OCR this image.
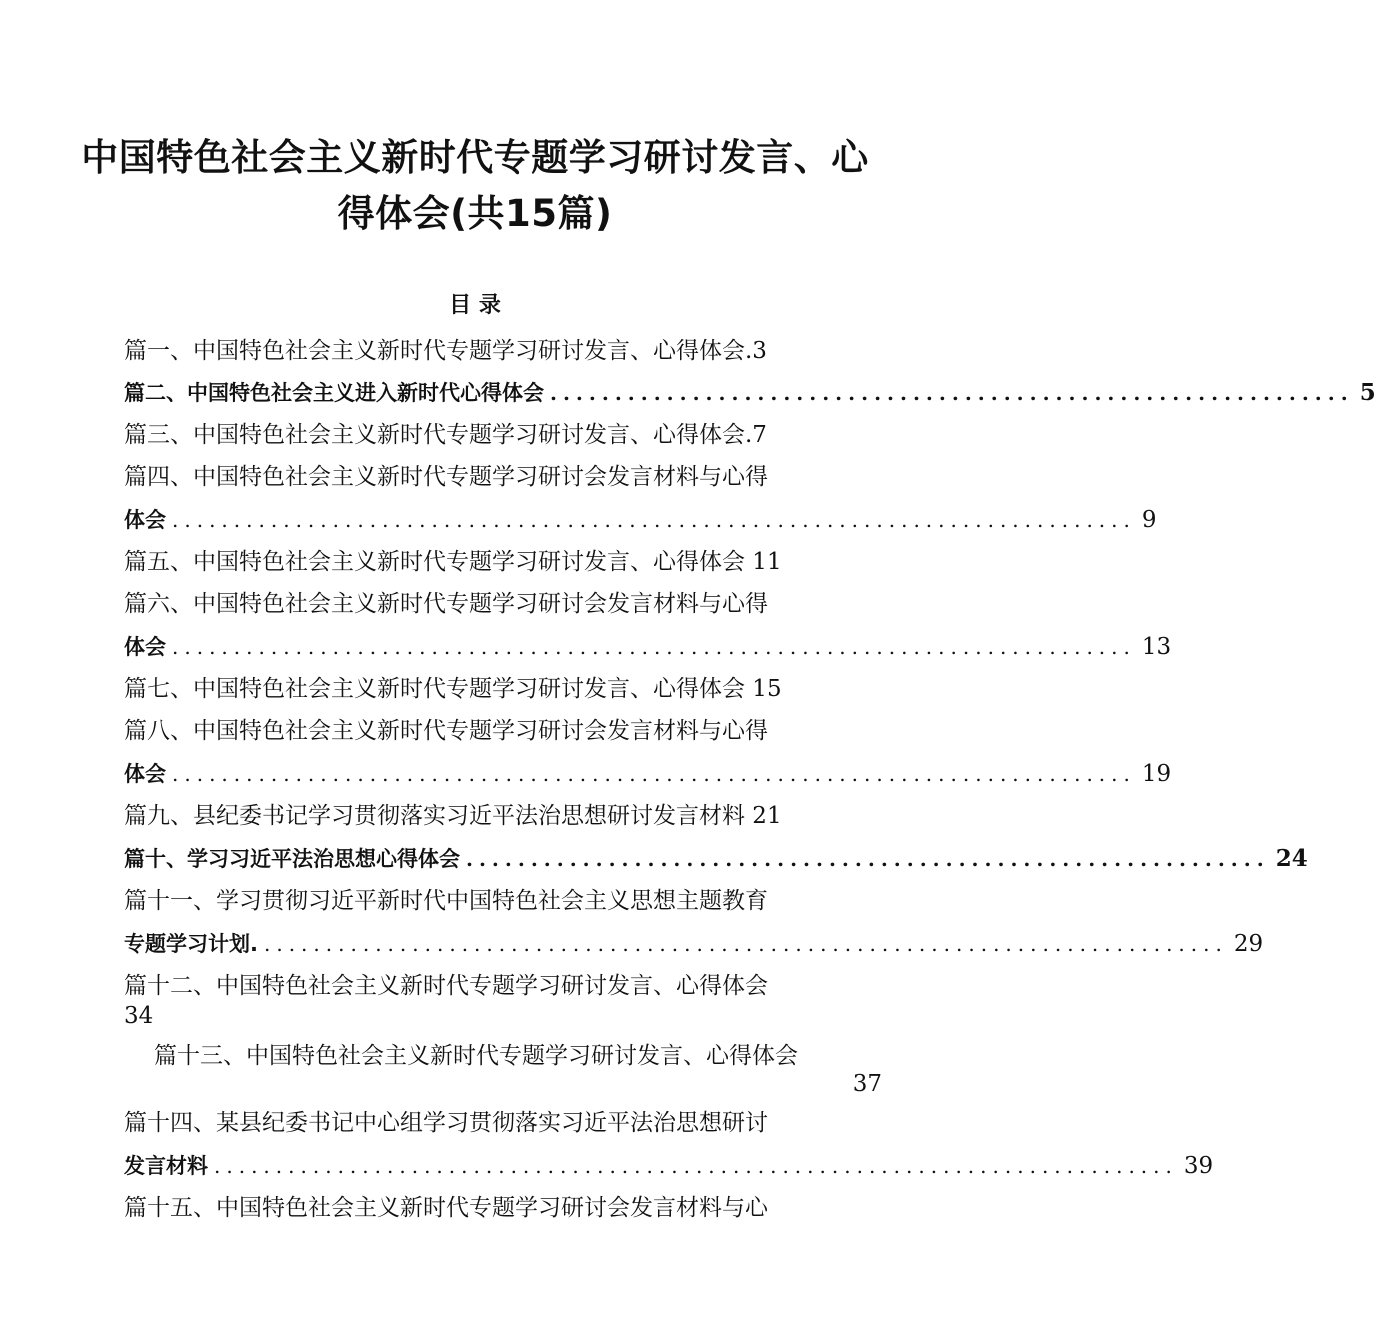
中国特色社会主义新时代专题学习研讨发言、心
得体会(共15篇)
目 录
篇一、中国特色社会主义新时代专题学习研讨发言、心得体会.3
篇二、中国特色社会主义进入新时代心得体会 .............................................................. 5
篇三、中国特色社会主义新时代专题学习研讨发言、心得体会.7
篇四、中国特色社会主义新时代专题学习研讨会发言材料与心得
体会 .............................................................................. 9
篇五、中国特色社会主义新时代专题学习研讨发言、心得体会 11
篇六、中国特色社会主义新时代专题学习研讨会发言材料与心得
体会 .............................................................................. 13
篇七、中国特色社会主义新时代专题学习研讨发言、心得体会 15
篇八、中国特色社会主义新时代专题学习研讨会发言材料与心得
体会 .............................................................................. 19
篇九、县纪委书记学习贯彻落实习近平法治思想研讨发言材料 21
篇十、学习习近平法治思想心得体会 .............................................................. 24
篇十一、学习贯彻习近平新时代中国特色社会主义思想主题教育
专题学习计划. .............................................................................. 29
篇十二、中国特色社会主义新时代专题学习研讨发言、心得体会
34
篇十三、中国特色社会主义新时代专题学习研讨发言、心得体会
37
篇十四、某县纪委书记中心组学习贯彻落实习近平法治思想研讨
发言材料 .............................................................................. 39
篇十五、中国特色社会主义新时代专题学习研讨会发言材料与心
